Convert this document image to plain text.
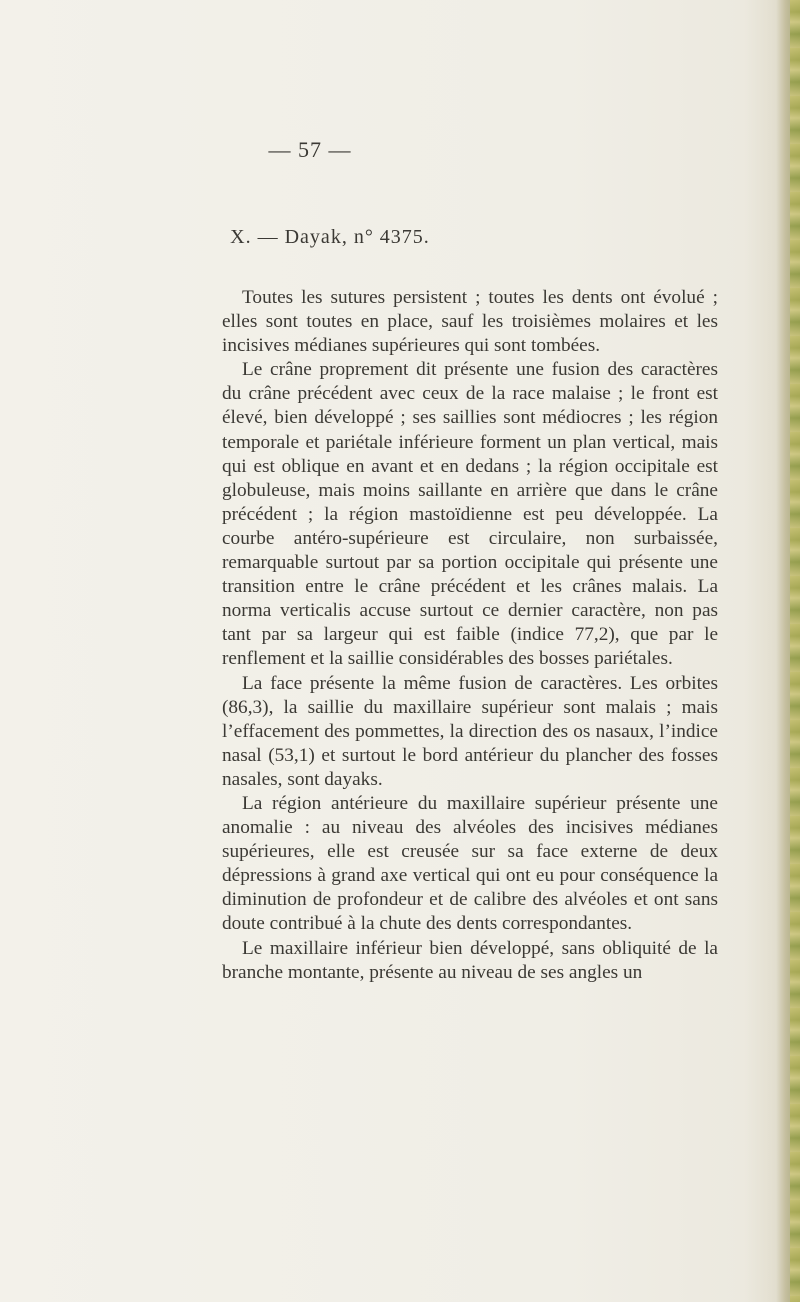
— 57 —
X. — Dayak, n° 4375.

Toutes les sutures persistent ; toutes les dents ont évolué ; elles sont toutes en place, sauf les troisièmes molaires et les incisives médianes supérieures qui sont tombées.

Le crâne proprement dit présente une fusion des caractères du crâne précédent avec ceux de la race malaise ; le front est élevé, bien développé ; ses saillies sont médiocres ; les région temporale et pariétale inférieure forment un plan vertical, mais qui est oblique en avant et en dedans ; la région occipitale est globuleuse, mais moins saillante en arrière que dans le crâne précédent ; la région mastoïdienne est peu développée. La courbe antéro-supérieure est circulaire, non surbaissée, remarquable surtout par sa portion occipitale qui présente une transition entre le crâne précédent et les crânes malais. La norma verticalis accuse surtout ce dernier caractère, non pas tant par sa largeur qui est faible (indice 77,2), que par le renflement et la saillie considérables des bosses pariétales.

La face présente la même fusion de caractères. Les orbites (86,3), la saillie du maxillaire supérieur sont malais ; mais l’effacement des pommettes, la direction des os nasaux, l’indice nasal (53,1) et surtout le bord antérieur du plancher des fosses nasales, sont dayaks.

La région antérieure du maxillaire supérieur présente une anomalie : au niveau des alvéoles des incisives médianes supérieures, elle est creusée sur sa face externe de deux dépressions à grand axe vertical qui ont eu pour conséquence la diminution de profondeur et de calibre des alvéoles et ont sans doute contribué à la chute des dents correspondantes.

Le maxillaire inférieur bien développé, sans obliquité de la branche montante, présente au niveau de ses angles un
